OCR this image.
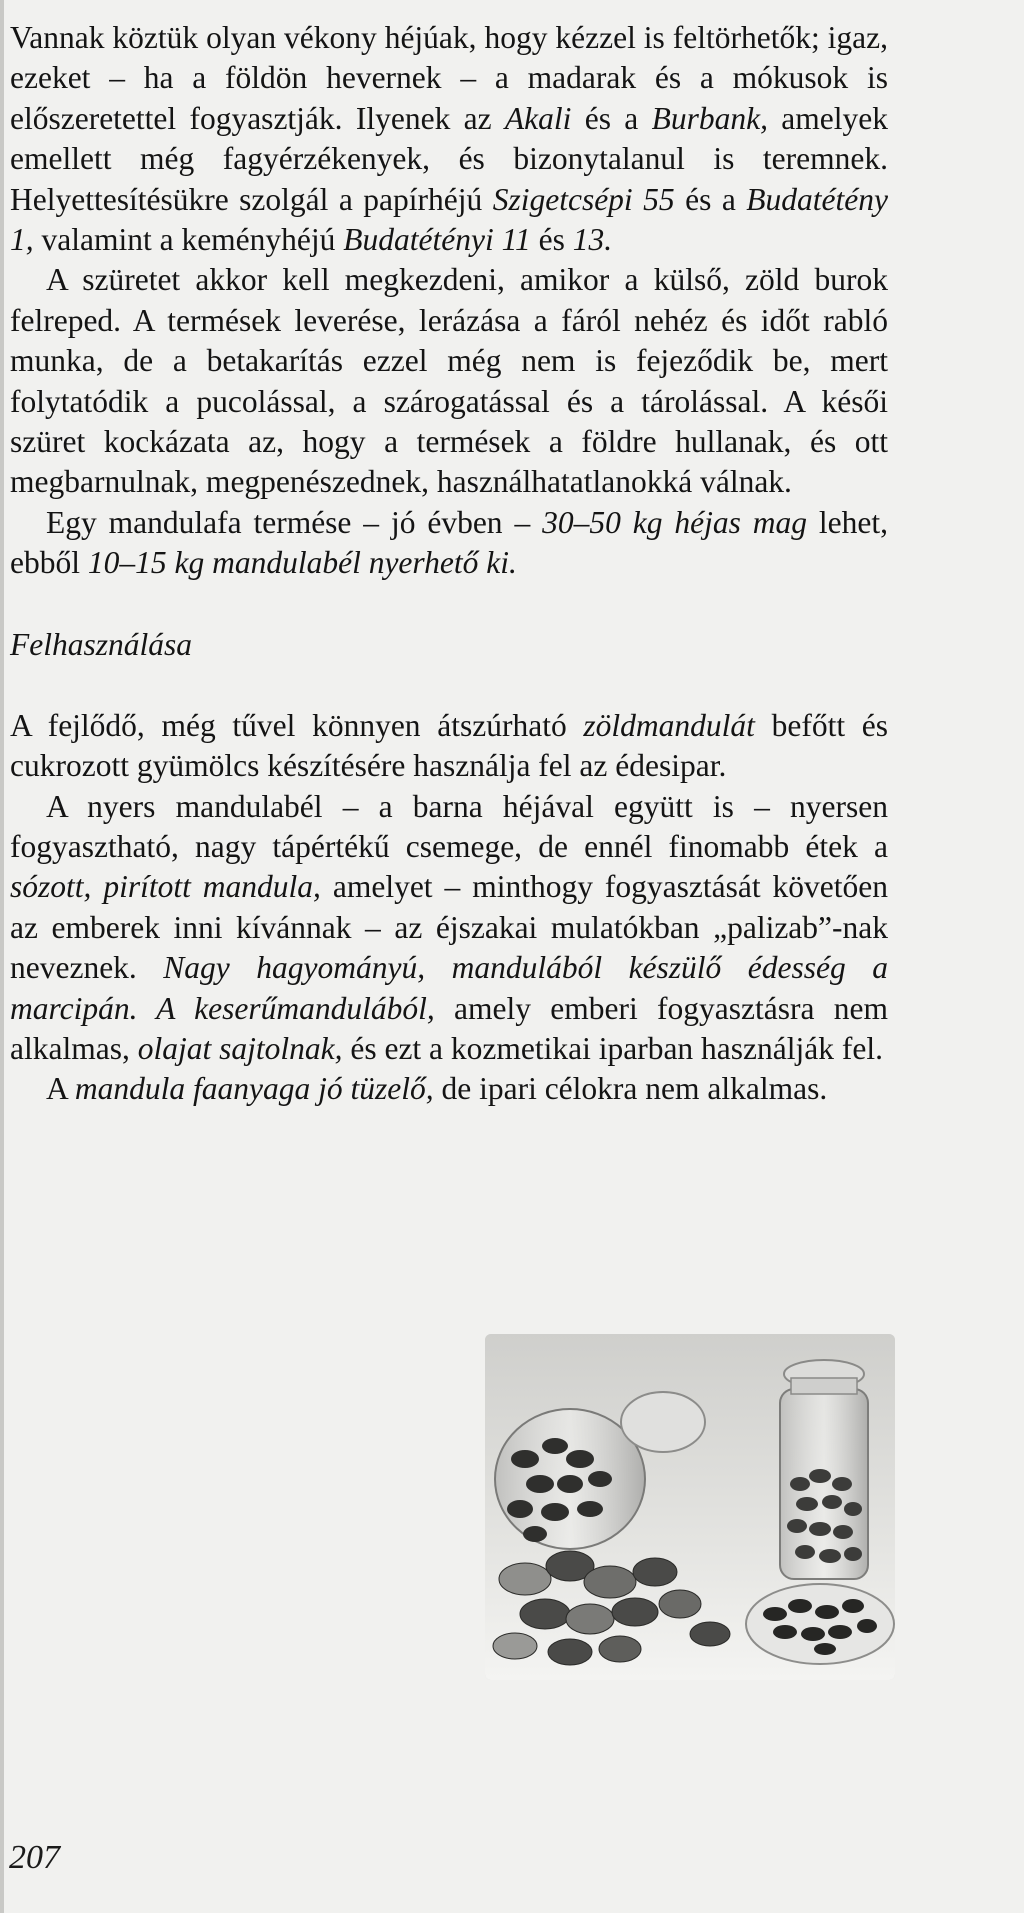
Vannak köztük olyan vékony héjúak, hogy kézzel is feltörhetők; igaz, ezeket – ha a földön hevernek – a madarak és a mókusok is előszeretettel fogyasztják. Ilyenek az Akali és a Burbank, amelyek emellett még fagyérzékenyek, és bizonytalanul is teremnek. Helyettesítésükre szolgál a papírhéjú Szigetcsépi 55 és a Budatétény 1, valamint a keményhéjú Budatétényi 11 és 13.

A szüretet akkor kell megkezdeni, amikor a külső, zöld burok felreped. A termések leverése, lerázása a fáról nehéz és időt rabló munka, de a betakarítás ezzel még nem is fejeződik be, mert folytatódik a pucolással, a szárogatással és a tárolással. A késői szüret kockázata az, hogy a termések a földre hullanak, és ott megbarnulnak, megpenészednek, használhatatlanokká válnak.

Egy mandulafa termése – jó évben – 30–50 kg héjas mag lehet, ebből 10–15 kg mandulabél nyerhető ki.

Felhasználása

A fejlődő, még tűvel könnyen átszúrható zöldmandulát befőtt és cukrozott gyümölcs készítésére használja fel az édesipar.

A nyers mandulabél – a barna héjával együtt is – nyersen fogyasztható, nagy tápértékű csemege, de ennél finomabb étek a sózott, pirított mandula, amelyet – minthogy fogyasztását követően az emberek inni kívánnak – az éjszakai mulatókban „palizab”-nak neveznek. Nagy hagyományú, mandulából készülő édesség a marcipán. A keserűmandulából, amely emberi fogyasztásra nem alkalmas, olajat sajtolnak, és ezt a kozmetikai iparban használják fel.

A mandula faanyaga jó tüzelő, de ipari célokra nem alkalmas.

207
